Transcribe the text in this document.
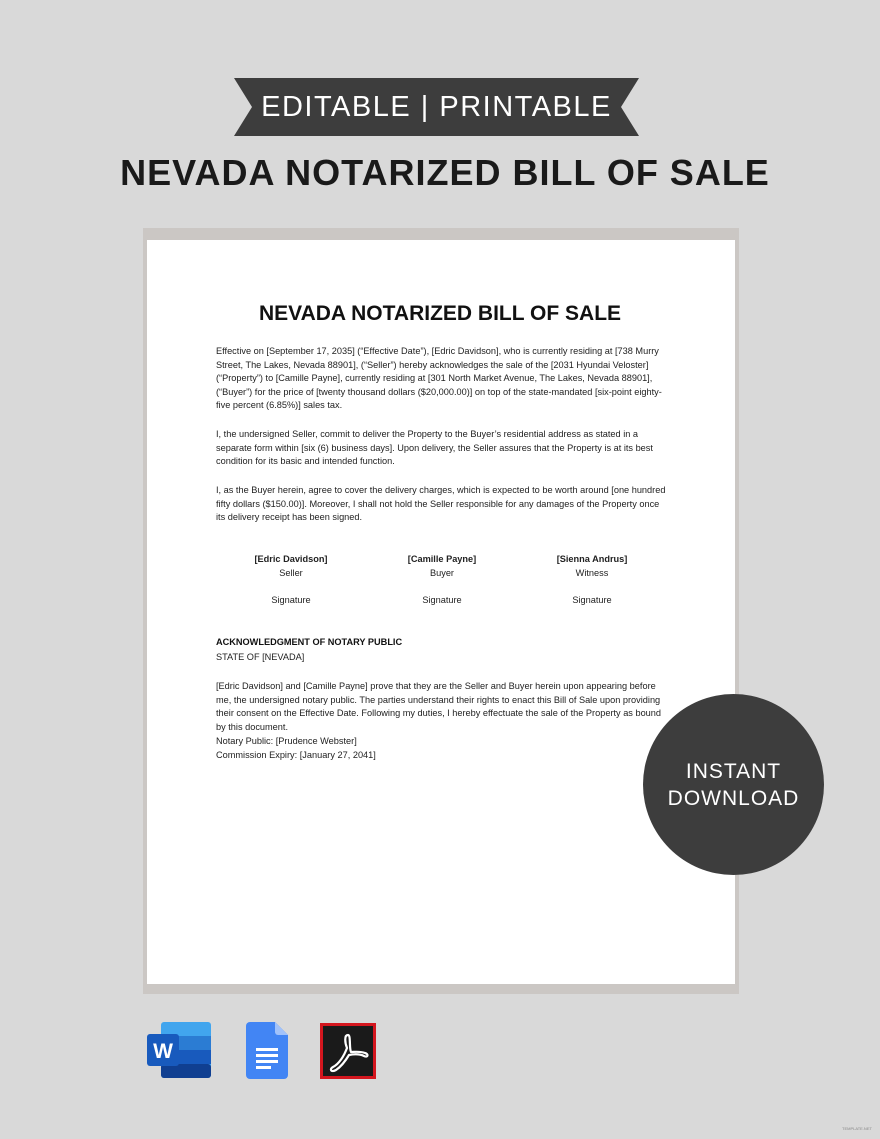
EDITABLE | PRINTABLE
NEVADA NOTARIZED BILL OF SALE
NEVADA NOTARIZED BILL OF SALE

Effective on [September 17, 2035] (“Effective Date”), [Edric Davidson], who is currently residing at [738 Murry Street, The Lakes, Nevada 88901], (“Seller”) hereby acknowledges the sale of the [2031 Hyundai Veloster] (“Property”) to [Camille Payne], currently residing at [301 North Market Avenue, The Lakes, Nevada 88901], (“Buyer”) for the price of [twenty thousand dollars ($20,000.00)] on top of the state-mandated [six-point eighty-five percent (6.85%)] sales tax.

I, the undersigned Seller, commit to deliver the Property to the Buyer’s residential address as stated in a separate form within [six (6) business days]. Upon delivery, the Seller assures that the Property is at its best condition for its basic and intended function.

I, as the Buyer herein, agree to cover the delivery charges, which is expected to be worth around [one hundred fifty dollars ($150.00)]. Moreover, I shall not hold the Seller responsible for any damages of the Property once its delivery receipt has been signed.

[Edric Davidson]
Seller
Signature
[Camille Payne]
Buyer
Signature
[Sienna Andrus]
Witness
Signature
ACKNOWLEDGMENT OF NOTARY PUBLIC
STATE OF [NEVADA]

[Edric Davidson] and [Camille Payne] prove that they are the Seller and Buyer herein upon appearing before me, the undersigned notary public. The parties understand their rights to enact this Bill of Sale upon providing their consent on the Effective Date. Following my duties, I hereby effectuate the sale of the Property as bound by this document.

Notary Public: [Prudence Webster]
Commission Expiry: [January 27, 2041]
INSTANT
DOWNLOAD
W
TEMPLATE.NET
